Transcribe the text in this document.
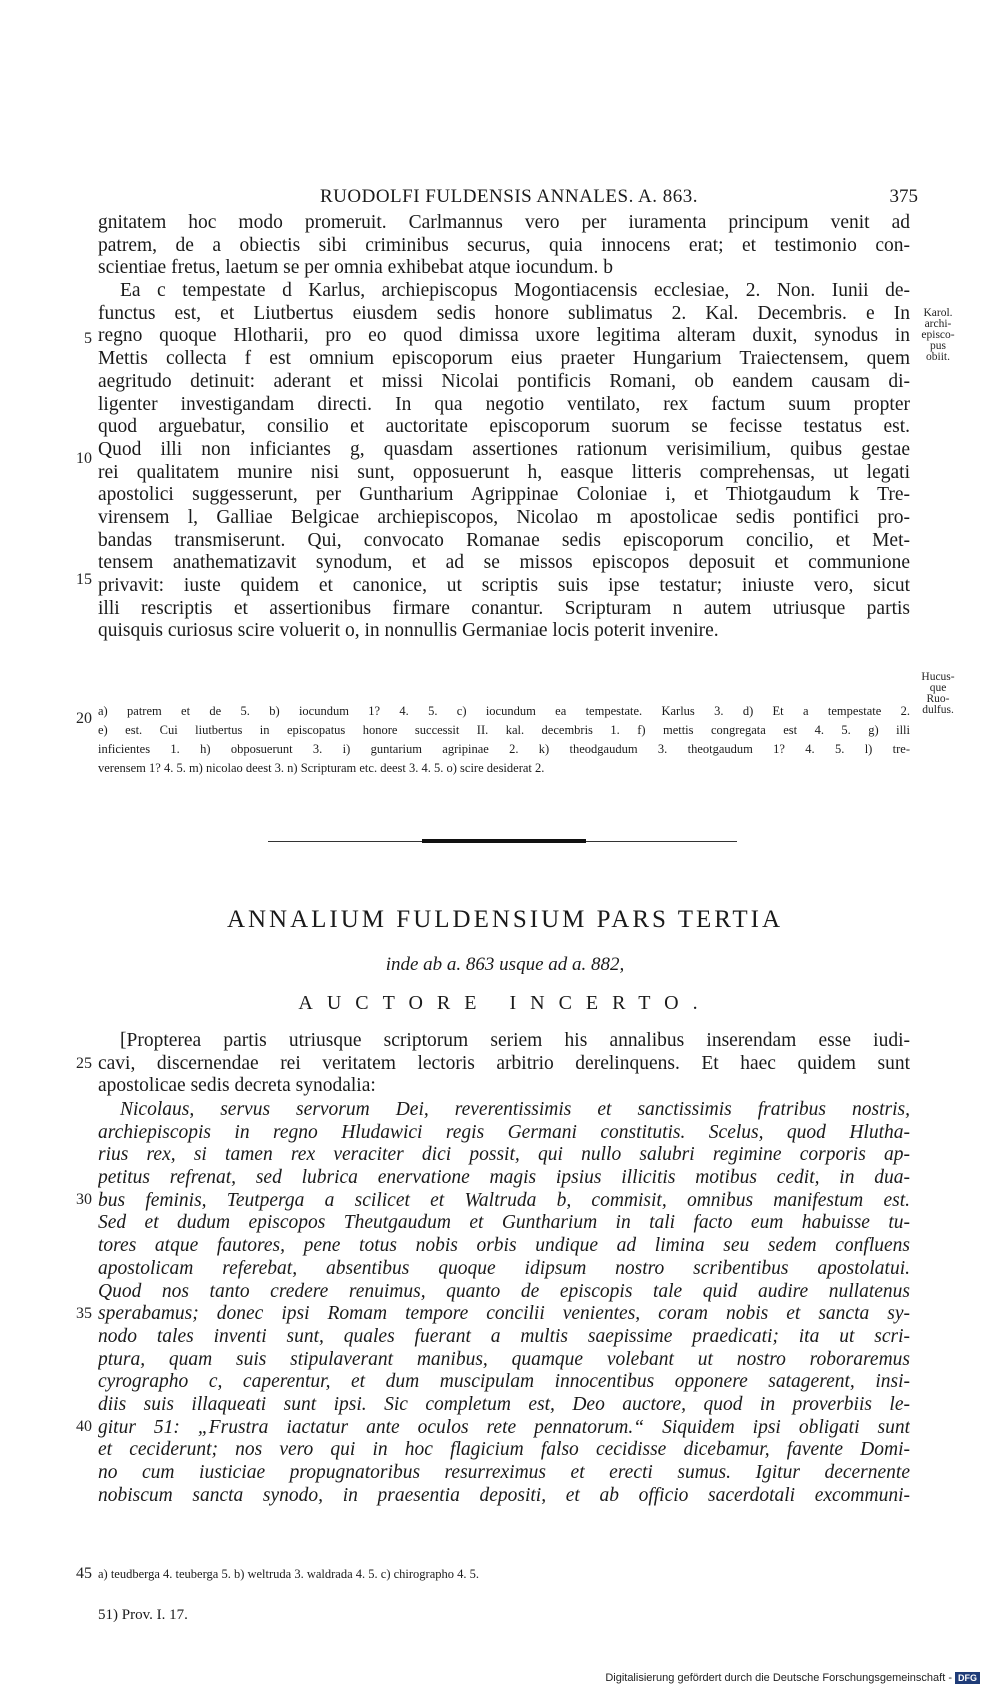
RUODOLFI FULDENSIS ANNALES. A. 863.	375
gnitatem hoc modo promeruit. Carlmannus vero per iuramenta principum venit ad
patrem, de a obiectis sibi criminibus securus, quia innocens erat; et testimonio con-
scientiae fretus, laetum se per omnia exhibebat atque iocundum. b
Ea c tempestate d Karlus, archiepiscopus Mogontiacensis ecclesiae, 2. Non. Iunii de-
functus est, et Liutbertus eiusdem sedis honore sublimatus 2. Kal. Decembris. e In
regno quoque Hlotharii, pro eo quod dimissa uxore legitima alteram duxit, synodus in
Mettis collecta f est omnium episcoporum eius praeter Hungarium Traiectensem, quem
aegritudo detinuit: aderant et missi Nicolai pontificis Romani, ob eandem causam di-
ligenter investigandam directi. In qua negotio ventilato, rex factum suum propter
quod arguebatur, consilio et auctoritate episcoporum suorum se fecisse testatus est.
Quod illi non inficiantes g, quasdam assertiones rationum verisimilium, quibus gestae
rei qualitatem munire nisi sunt, opposuerunt h, easque litteris comprehensas, ut legati
apostolici suggesserunt, per Guntharium Agrippinae Coloniae i, et Thiotgaudum k Tre-
virensem l, Galliae Belgicae archiepiscopos, Nicolao m apostolicae sedis pontifici pro-
bandas transmiserunt. Qui, convocato Romanae sedis episcoporum concilio, et Met-
tensem anathematizavit synodum, et ad se missos episcopos deposuit et communione
privavit: iuste quidem et canonice, ut scriptis suis ipse testatur; iniuste vero, sicut
illi rescriptis et assertionibus firmare conantur. Scripturam n autem utriusque partis
quisquis curiosus scire voluerit o, in nonnullis Germaniae locis poterit invenire.
5
10
15
20
Karol.
archi-
episco-
pus
obiit.
Hucus-
que
Ruo-
dulfus.
a) patrem et de 5. b) iocundum 1? 4. 5. c) iocundum ea tempestate. Karlus 3. d) Et a tempestate 2.
e) est. Cui liutbertus in episcopatus honore successit II. kal. decembris 1. f) mettis congregata est 4. 5. g) illi
inficientes 1. h) obposuerunt 3. i) guntarium agripinae 2. k) theodgaudum 3. theotgaudum 1? 4. 5. l) tre-
verensem 1? 4. 5. m) nicolao deest 3. n) Scripturam etc. deest 3. 4. 5. o) scire desiderat 2.
ANNALIUM FULDENSIUM PARS TERTIA
inde ab a. 863 usque ad a. 882,
AUCTORE INCERTO.
[Propterea partis utriusque scriptorum seriem his annalibus inserendam esse iudi-
cavi, discernendae rei veritatem lectoris arbitrio derelinquens. Et haec quidem sunt
apostolicae sedis decreta synodalia:
Nicolaus, servus servorum Dei, reverentissimis et sanctissimis fratribus nostris,
archiepiscopis in regno Hludawici regis Germani constitutis. Scelus, quod Hlutha-
rius rex, si tamen rex veraciter dici possit, qui nullo salubri regimine corporis ap-
petitus refrenat, sed lubrica enervatione magis ipsius illicitis motibus cedit, in dua-
bus feminis, Teutperga a scilicet et Waltruda b, commisit, omnibus manifestum est.
Sed et dudum episcopos Theutgaudum et Guntharium in tali facto eum habuisse tu-
tores atque fautores, pene totus nobis orbis undique ad limina seu sedem confluens
apostolicam referebat, absentibus quoque idipsum nostro scribentibus apostolatui.
Quod nos tanto credere renuimus, quanto de episcopis tale quid audire nullatenus
sperabamus; donec ipsi Romam tempore concilii venientes, coram nobis et sancta sy-
nodo tales inventi sunt, quales fuerant a multis saepissime praedicati; ita ut scri-
ptura, quam suis stipulaverant manibus, quamque volebant ut nostro roboraremus
cyrographo c, caperentur, et dum muscipulam innocentibus opponere satagerent, insi-
diis suis illaqueati sunt ipsi. Sic completum est, Deo auctore, quod in proverbiis le-
gitur 51: „Frustra iactatur ante oculos rete pennatorum.“ Siquidem ipsi obligati sunt
et ceciderunt; nos vero qui in hoc flagicium falso cecidisse dicebamur, favente Domi-
no cum iusticiae propugnatoribus resurreximus et erecti sumus. Igitur decernente
nobiscum sancta synodo, in praesentia depositi, et ab officio sacerdotali excommuni-
25
30
35
40
45 a) teudberga 4. teuberga 5. b) weltruda 3. waldrada 4. 5. c) chirographo 4. 5.
51) Prov. I. 17.
Digitalisierung gefördert durch die Deutsche Forschungsgemeinschaft - DFG
